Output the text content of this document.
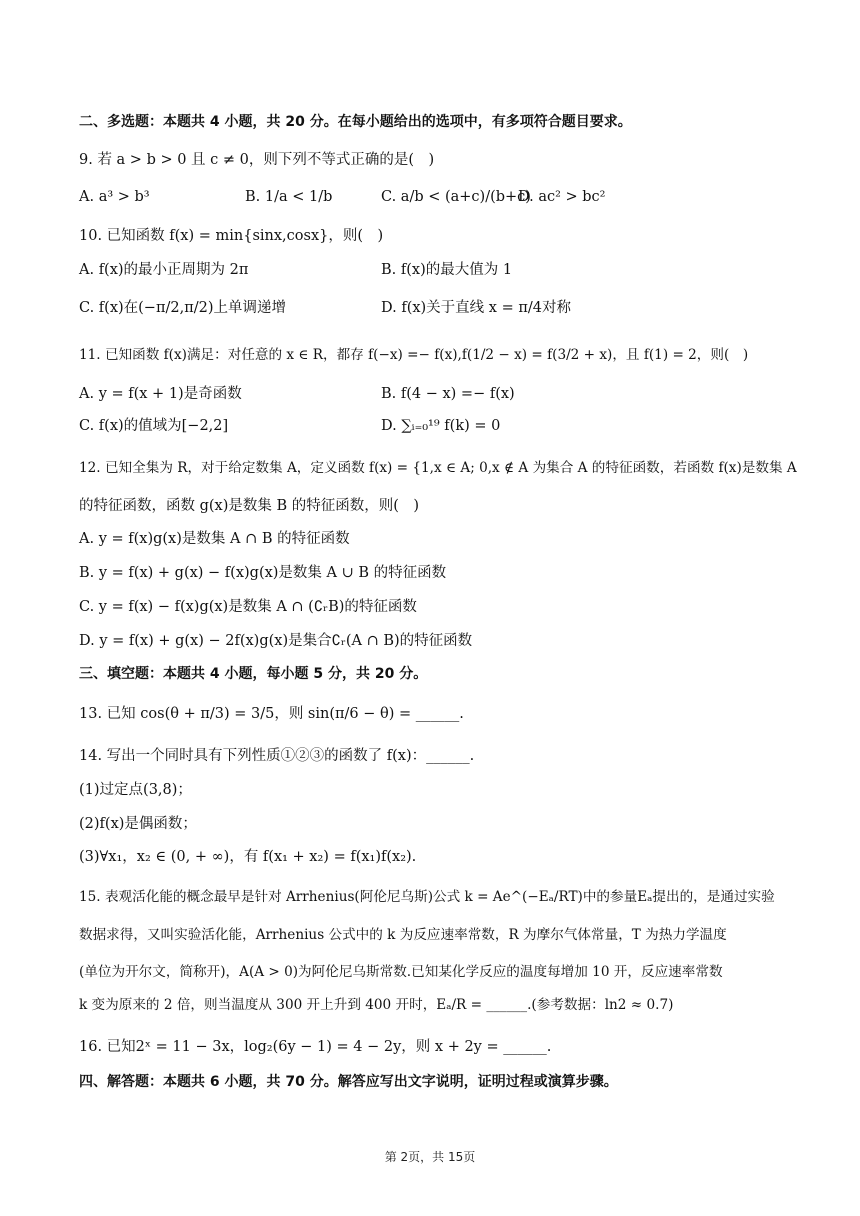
二、多选题：本题共 4 小题，共 20 分。在每小题给出的选项中，有多项符合题目要求。
9. 若 a > b > 0 且 c ≠ 0，则下列不等式正确的是(　)
A. a³ > b³	B. 1/a < 1/b	C. a/b < (a+c)/(b+c)
D. ac² > bc²
10. 已知函数 f(x) = min{sinx,cosx}，则(　)
A. f(x)的最小正周期为 2π	B. f(x)的最大值为 1
C. f(x)在(−π/2,π/2)上单调递增	D. f(x)关于直线 x = π/4对称
11. 已知函数 f(x)满足：对任意的 x ∈ R，都存 f(−x) =− f(x),f(1/2 − x) = f(3/2 + x)，且 f(1) = 2，则(　)
A. y = f(x + 1)是奇函数	B. f(4 − x) =− f(x)
C. f(x)的值域为[−2,2]	D. ∑ᵢ₌₀¹⁹ f(k) = 0
12. 已知全集为 R，对于给定数集 A，定义函数 f(x) = {1,x ∈ A; 0,x ∉ A 为集合 A 的特征函数，若函数 f(x)是数集 A
的特征函数，函数 g(x)是数集 B 的特征函数，则(　)
A. y = f(x)g(x)是数集 A ∩ B 的特征函数
B. y = f(x) + g(x) − f(x)g(x)是数集 A ∪ B 的特征函数
C. y = f(x) − f(x)g(x)是数集 A ∩ (∁ᵣB)的特征函数
D. y = f(x) + g(x) − 2f(x)g(x)是集合∁ᵣ(A ∩ B)的特征函数
三、填空题：本题共 4 小题，每小题 5 分，共 20 分。
13. 已知 cos(θ + π/3) = 3/5，则 sin(π/6 − θ) = ______.
14. 写出一个同时具有下列性质①②③的函数了 f(x)：______.
(1)过定点(3,8)；
(2)f(x)是偶函数；
(3)∀x₁，x₂ ∈ (0, + ∞)，有 f(x₁ + x₂) = f(x₁)f(x₂).
15. 表观活化能的概念最早是针对 Arrhenius(阿伦尼乌斯)公式 k = Ae^(−Eₐ/RT)中的参量Eₐ提出的，是通过实验
数据求得，又叫实验活化能，Arrhenius 公式中的 k 为反应速率常数，R 为摩尔气体常量，T 为热力学温度
(单位为开尔文，简称开)，A(A > 0)为阿伦尼乌斯常数.已知某化学反应的温度每增加 10 开，反应速率常数
k 变为原来的 2 倍，则当温度从 300 开上升到 400 开时，Eₐ/R = ______.(参考数据：ln2 ≈ 0.7)
16. 已知2ˣ = 11 − 3x，log₂(6y − 1) = 4 − 2y，则 x + 2y = ______.
四、解答题：本题共 6 小题，共 70 分。解答应写出文字说明，证明过程或演算步骤。
第 2页，共 15页
